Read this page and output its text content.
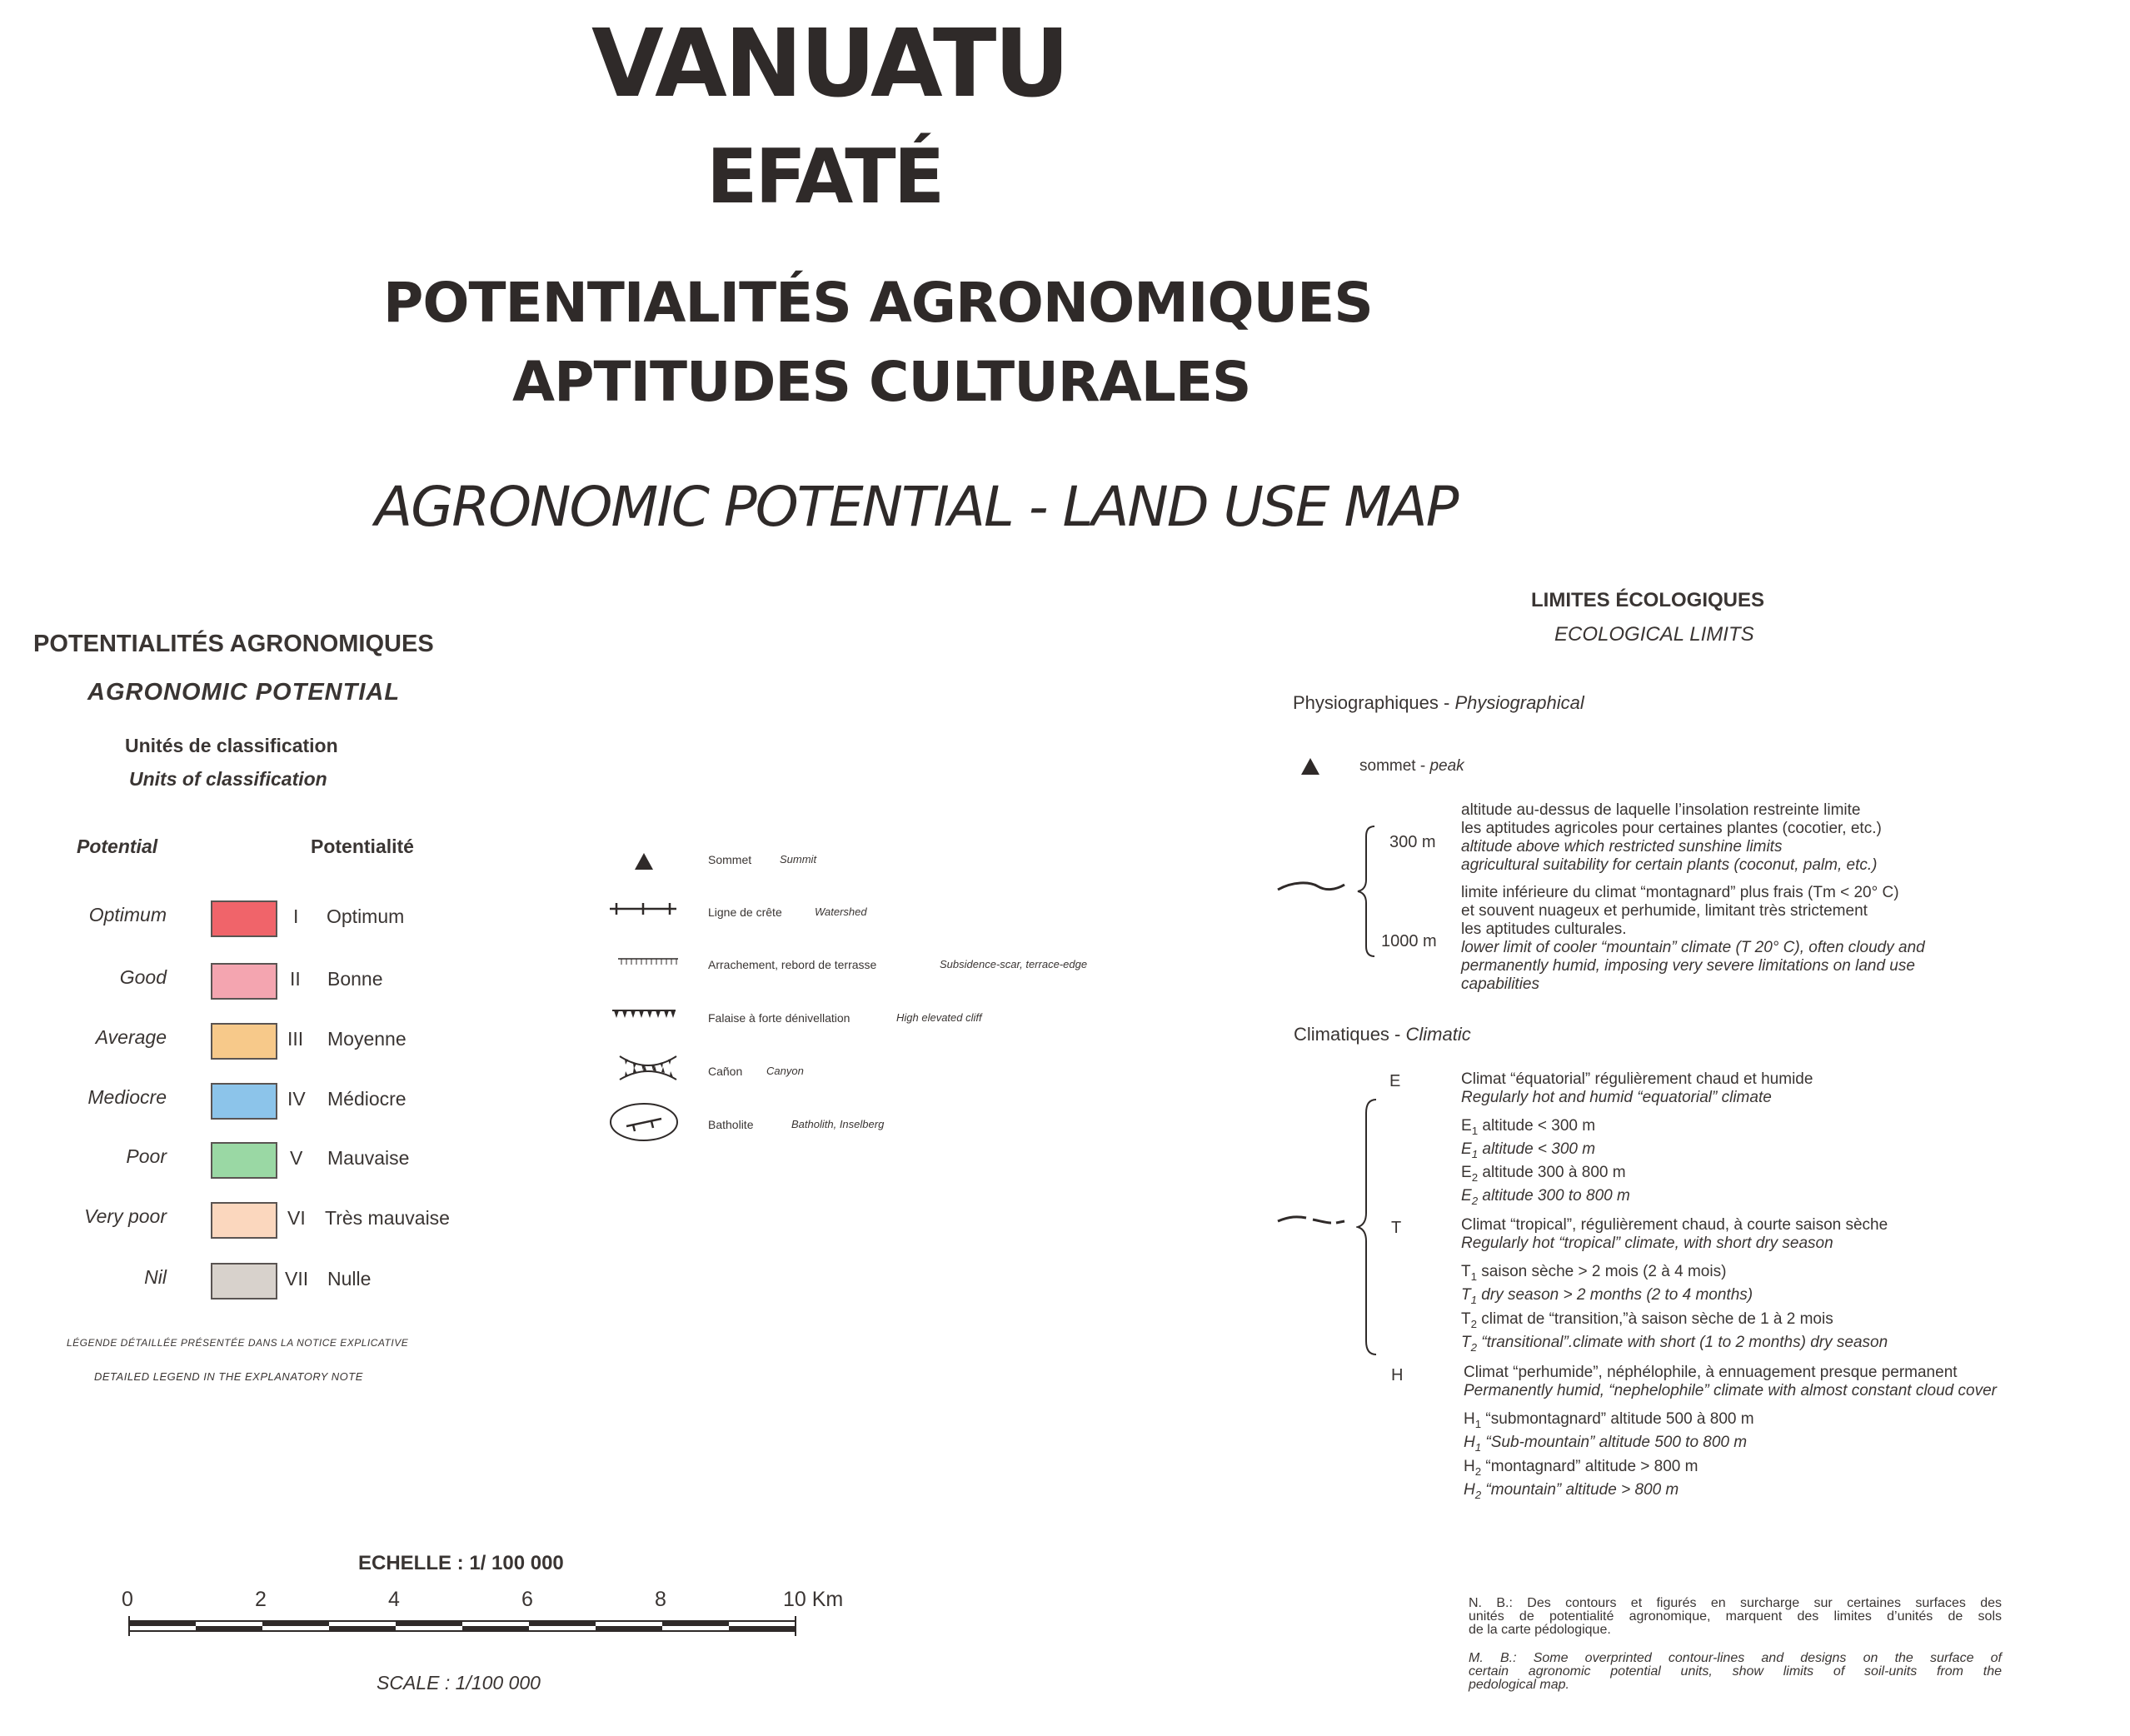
VANUATU
EFATÉ
POTENTIALITÉS AGRONOMIQUES
APTITUDES CULTURALES
AGRONOMIC POTENTIAL - LAND USE MAP
POTENTIALITÉS AGRONOMIQUES
AGRONOMIC POTENTIAL
Unités de classification
Units of classification
Potential	Potentialité
Optimum	I Optimum
Good	II Bonne
Average	III Moyenne
Mediocre	IV Médiocre
Poor	V Mauvaise
Very poor	VI Très mauvaise
Nil	VII Nulle
LÉGENDE DÉTAILLÉE PRÉSENTÉE DANS LA NOTICE EXPLICATIVE
DETAILED LEGEND IN THE EXPLANATORY NOTE
Sommet	Summit
Ligne de crête	Watershed
Arrachement, rebord de terrasse	Subsidence-scar, terrace-edge
Falaise à forte dénivellation	High elevated cliff
Cañon Canyon
Batholite	Batholith, Inselberg
ECHELLE : 1/ 100 000
0	2	4	6	8	10 Km
SCALE : 1/100 000
LIMITES ÉCOLOGIQUES
ECOLOGICAL LIMITS
Physiographiques - Physiographical
sommet - peak
300 m
1000 m
altitude au-dessus de laquelle l’insolation restreinte limite
les aptitudes agricoles pour certaines plantes (cocotier, etc.)
altitude above which restricted sunshine limits
agricultural suitability for certain plants (coconut, palm, etc.)
limite inférieure du climat “montagnard” plus frais (Tm < 20° C)
et souvent nuageux et perhumide, limitant très strictement
les aptitudes culturales.
lower limit of cooler “mountain” climate (T 20° C), often cloudy and
permanently humid, imposing very severe limitations on land use
capabilities
Climatiques - Climatic
E
T
H
Climat “équatorial” régulièrement chaud et humide
Regularly hot and humid “equatorial” climate
$E_1$ altitude < 300 m
$E_1$ altitude < 300 m
$E_2$ altitude 300 à 800 m
$E_2$ altitude 300 to 800 m
Climat “tropical”, régulièrement chaud, à courte saison sèche
Regularly hot “tropical” climate, with short dry season
$T_1$ saison sèche > 2 mois (2 à 4 mois)
$T_1$ dry season > 2 months (2 to 4 months)
$T_2$ climat de “transition,”à saison sèche de 1 à 2 mois
$T_2$ “transitional”.climate with short (1 to 2 months) dry season
Climat “perhumide”, néphélophile, à ennuagement presque permanent
Permanently humid, “nephelophile” climate with almost constant cloud cover
$H_1$ “submontagnard” altitude 500 à 800 m
$H_1$ “Sub-mountain” altitude 500 to 800 m
$H_2$ “montagnard” altitude > 800 m
$H_2$ “mountain” altitude > 800 m
N. B.: Des contours et figurés en surcharge sur certaines surfaces des
unités de potentialité agronomique, marquent des limites d’unités de sols
de la carte pédologique.
M. B.: Some overprinted contour-lines and designs on the surface of
certain agronomic potential units, show limits of soil-units from the
pedological map.
